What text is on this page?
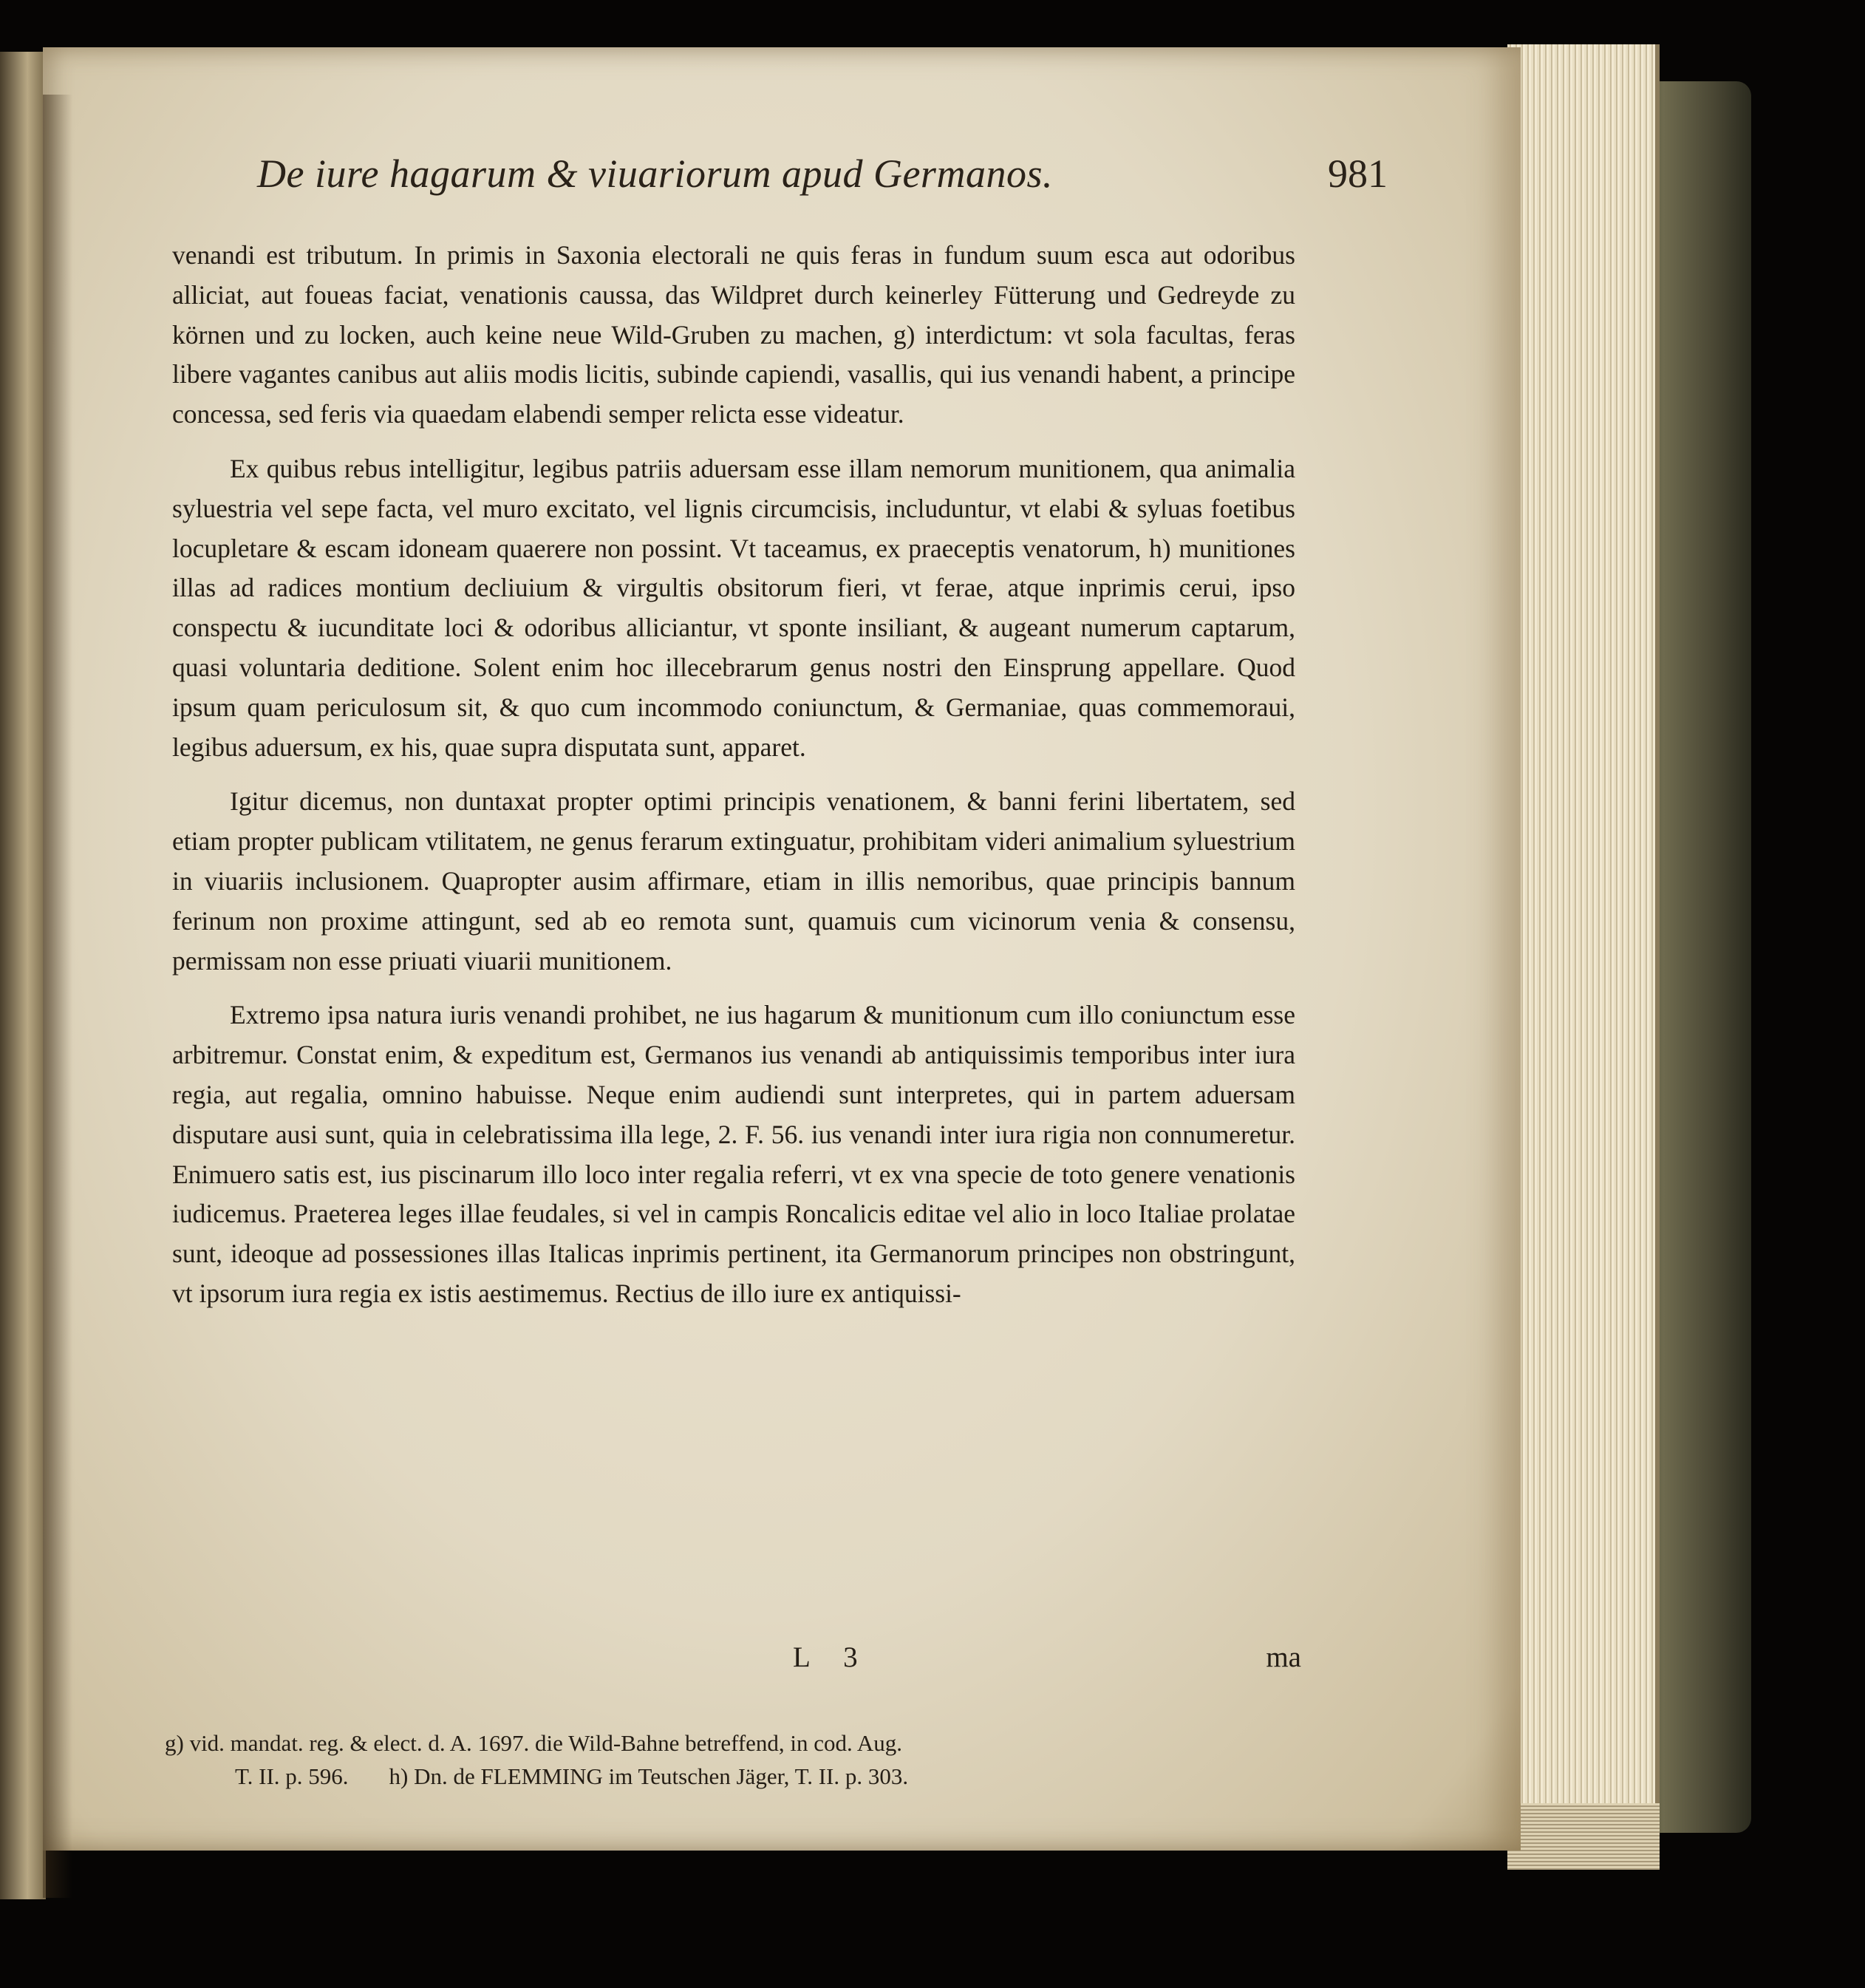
De iure hagarum & viuariorum apud Germanos.	981

venandi est tributum. In primis in Saxonia electorali ne quis feras in fundum suum esca aut odoribus alliciat, aut foueas faciat, venationis caussa, das Wildpret durch keinerley Fütterung und Gedreyde zu körnen und zu locken, auch keine neue Wild-Gruben zu machen, g) interdictum: vt sola facultas, feras libere vagantes canibus aut aliis modis licitis, subinde capiendi, vasallis, qui ius venandi habent, a principe concessa, sed feris via quaedam elabendi semper relicta esse videatur.

Ex quibus rebus intelligitur, legibus patriis aduersam esse illam nemorum munitionem, qua animalia syluestria vel sepe facta, vel muro excitato, vel lignis circumcisis, includuntur, vt elabi & syluas foetibus locupletare & escam idoneam quaerere non possint. Vt taceamus, ex praeceptis venatorum, h) munitiones illas ad radices montium decliuium & virgultis obsitorum fieri, vt ferae, atque inprimis cerui, ipso conspectu & iucunditate loci & odoribus alliciantur, vt sponte insiliant, & augeant numerum captarum, quasi voluntaria deditione. Solent enim hoc illecebrarum genus nostri den Einsprung appellare. Quod ipsum quam periculosum sit, & quo cum incommodo coniunctum, & Germaniae, quas commemoraui, legibus aduersum, ex his, quae supra disputata sunt, apparet.

Igitur dicemus, non duntaxat propter optimi principis venationem, & banni ferini libertatem, sed etiam propter publicam vtilitatem, ne genus ferarum extinguatur, prohibitam videri animalium syluestrium in viuariis inclusionem. Quapropter ausim affirmare, etiam in illis nemoribus, quae principis bannum ferinum non proxime attingunt, sed ab eo remota sunt, quamuis cum vicinorum venia & consensu, permissam non esse priuati viuarii munitionem.

Extremo ipsa natura iuris venandi prohibet, ne ius hagarum & munitionum cum illo coniunctum esse arbitremur. Constat enim, & expeditum est, Germanos ius venandi ab antiquissimis temporibus inter iura regia, aut regalia, omnino habuisse. Neque enim audiendi sunt interpretes, qui in partem aduersam disputare ausi sunt, quia in celebratissima illa lege, 2. F. 56. ius venandi inter iura rigia non connumeretur. Enimuero satis est, ius piscinarum illo loco inter regalia referri, vt ex vna specie de toto genere venationis iudicemus. Praeterea leges illae feudales, si vel in campis Roncalicis editae vel alio in loco Italiae prolatae sunt, ideoque ad possessiones illas Italicas inprimis pertinent, ita Germanorum principes non obstringunt, vt ipsorum iura regia ex istis aestimemus. Rectius de illo iure ex antiquissi-

L 3	ma

g) vid. mandat. reg. & elect. d. A. 1697. die Wild-Bahne betreffend, in cod. Aug.

T. II. p. 596. h) Dn. de FLEMMING im Teutschen Jäger, T. II. p. 303.
